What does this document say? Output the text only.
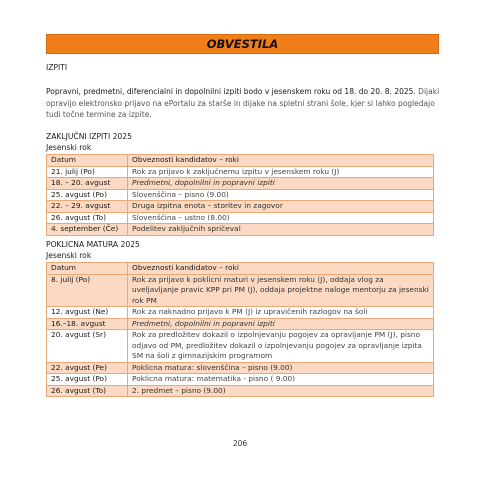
OBVESTILA
IZPITI
Popravni, predmetni, diferencialni in dopolnilni izpiti bodo v jesenskem roku od 18. do 20. 8. 2025. Dijaki opravijo elektronsko prijavo na ePortalu za starše in dijake na spletni strani šole, kjer si lahko pogledajo tudi točne termine za izpite.
ZAKLJUČNI IZPITI 2025
Jesenski rok
Datum	Obveznosti kandidatov – roki
21. julij (Po)	Rok za prijavo k zaključnemu izpitu v jesenskem roku (J)
18. – 20. avgust	Predmetni, dopolnilni in popravni izpiti
25. avgust (Po)	Slovenščina – pisno (9.00)
22. – 29. avgust	Druga izpitna enota – storitev in zagovor
26. avgust (To)	Slovenščina – ustno (8.00)
4. september (Če)	Podelitev zaključnih spričeval
POKLICNA MATURA 2025
Jesenski rok
Datum	Obveznosti kandidatov – roki
8. julij (Po)	Rok za prijavo k poklicni maturi v jesenskem roku (J), oddaja vlog za uveljavljanje pravic KPP pri PM (J), oddaja projektne naloge mentorju za jesenski rok PM
12. avgust (Ne)	Rok za naknadno prijavo k PM (J) iz upravičenih razlogov na šoli
16.–18. avgust	Predmetni, dopolnilni in popravni izpiti
20. avgust (Sr)	Rok za predložitev dokazil o izpolnjevanju pogojev za opravljanje PM (J), pisno odjavo od PM, predložitev dokazil o izpolnjevanju pogojev za opravljanje izpita SM na šoli z gimnazijskim programom
22. avgust (Pe)	Poklicna matura: slovenščina – pisno (9.00)
25. avgust (Po)	Poklicna matura: matematika - pisno ( 9.00)
26. avgust (To)	2. predmet – pisno (9.00)
206
